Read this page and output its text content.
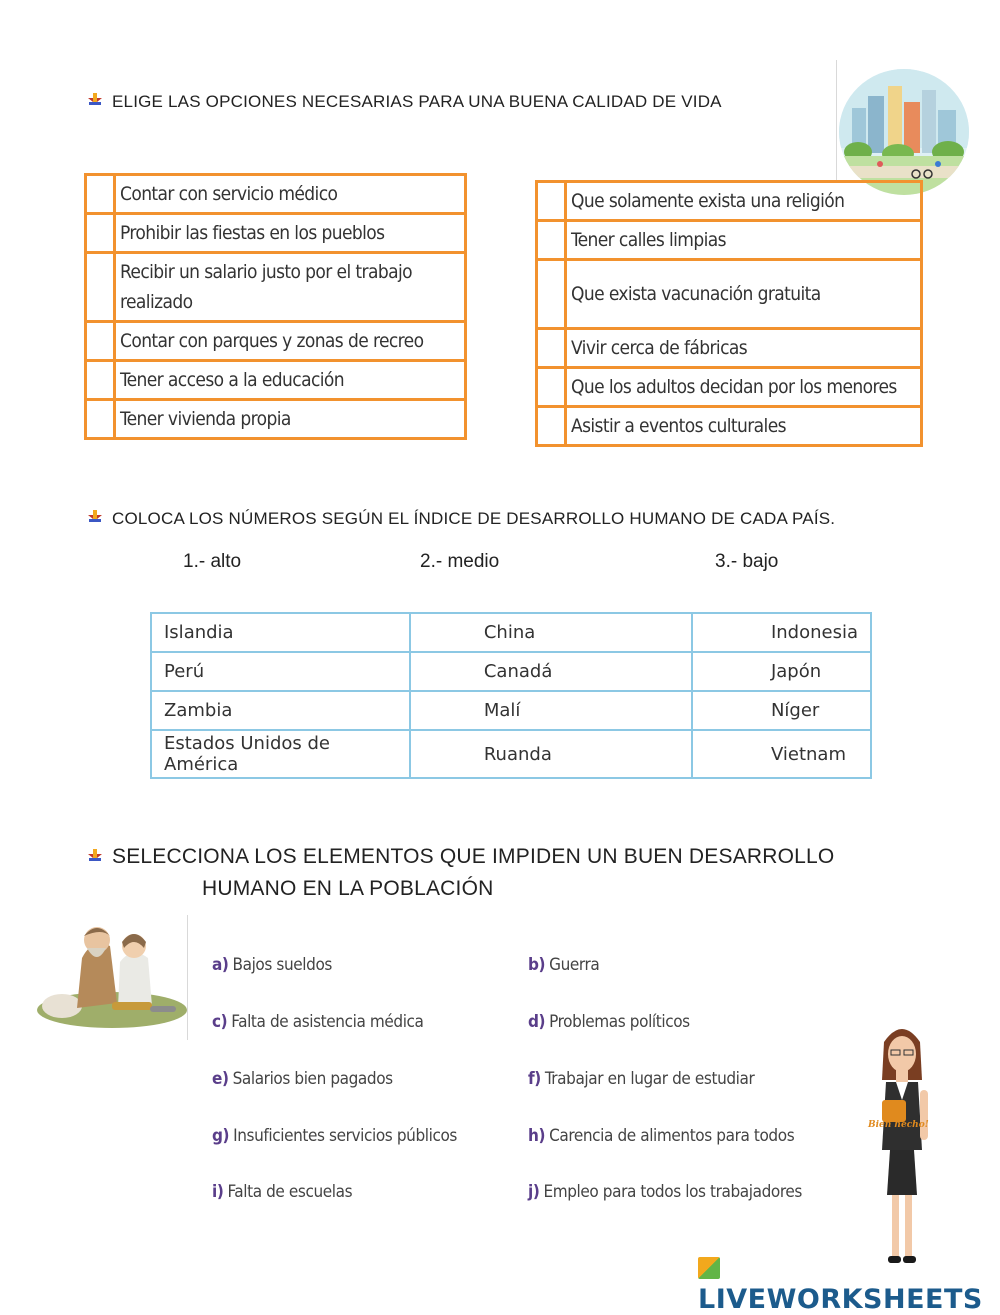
ELIGE LAS OPCIONES NECESARIAS PARA UNA BUENA CALIDAD DE VIDA
	Contar con servicio médico
	Prohibir las fiestas en los pueblos
	Recibir un salario justo por el trabajo realizado
	Contar con parques y zonas de recreo
	Tener acceso a la educación
	Tener vivienda propia
	Que solamente exista una religión
	Tener calles limpias
	Que exista vacunación gratuita
	Vivir cerca de fábricas
	Que los adultos decidan por los menores
	Asistir a eventos culturales
COLOCA LOS NÚMEROS SEGÚN EL ÍNDICE DE DESARROLLO HUMANO DE CADA PAÍS.
1.- alto	2.- medio	3.- bajo
Islandia	China	Indonesia
Perú	Canadá	Japón
Zambia	Malí	Níger
Estados Unidos de América	Ruanda	Vietnam
SELECCIONA LOS ELEMENTOS QUE IMPIDEN UN BUEN DESARROLLO
HUMANO EN LA POBLACIÓN
a) Bajos sueldos	b) Guerra
c) Falta de asistencia médica	d) Problemas políticos
e) Salarios bien pagados	f) Trabajar en lugar de estudiar
g) Insuficientes servicios públicos	h) Carencia de alimentos para todos
i) Falta de escuelas	j) Empleo para todos los trabajadores
Bien hecho!
LIVEWORKSHEETS
